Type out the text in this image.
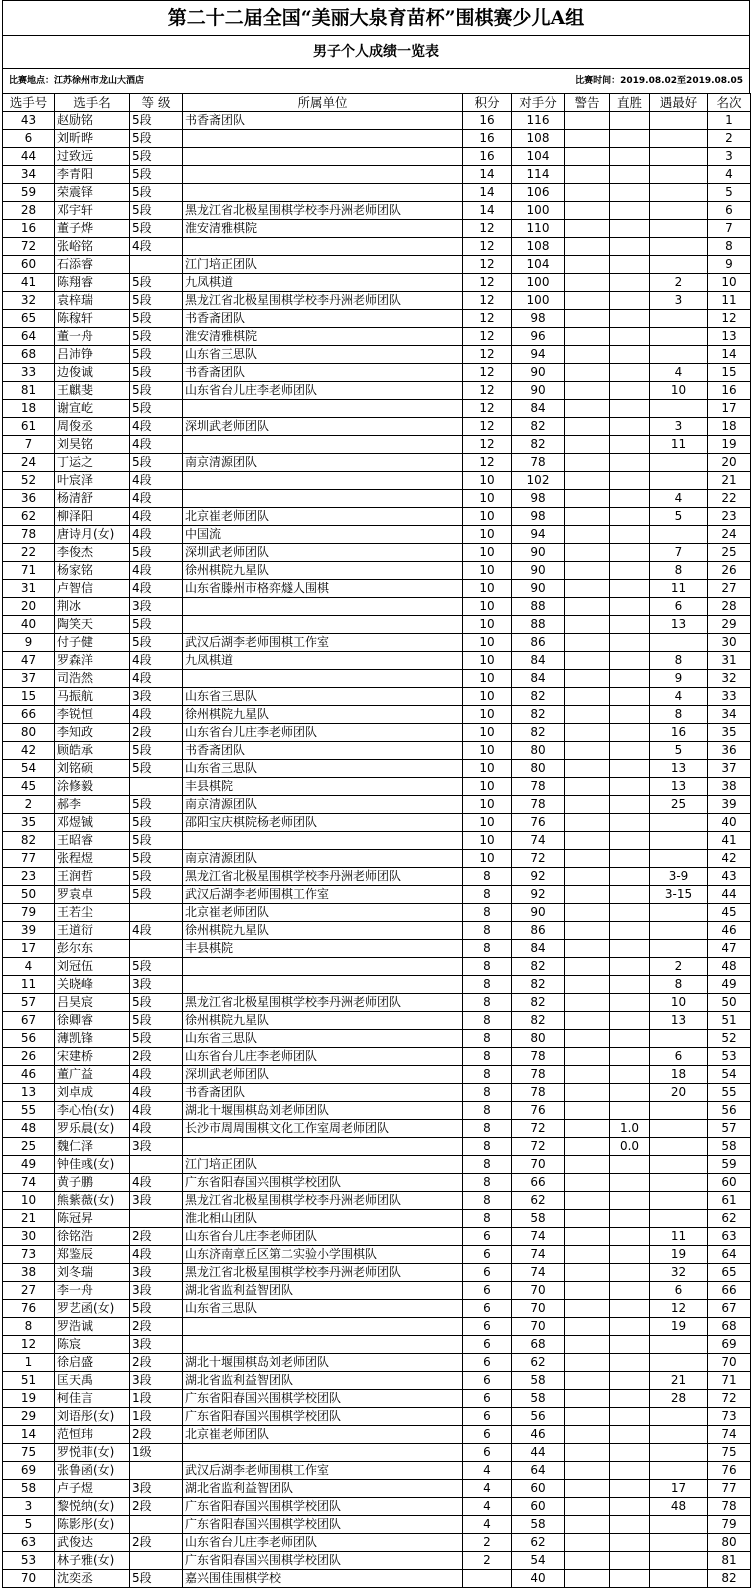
第二十二届全国“美丽大泉育苗杯”围棋赛少儿A组
男子个人成绩一览表
比赛地点：江苏徐州市龙山大酒店	比赛时间：2019.08.02至2019.08.05
选手号	选手名	等 级	所属单位	积分	对手分	警告	直胜	遇最好	名次
43	赵励铭	5段	书香斋团队	16	116				1
6	刘昕晔	5段		16	108				2
44	过致远	5段		16	104				3
34	李青阳	5段		14	114				4
59	荣震铎	5段		14	106				5
28	邓宇轩	5段	黑龙江省北极星围棋学校李丹洲老师团队	14	100				6
16	董子烨	5段	淮安清雅棋院	12	110				7
72	张峪铭	4段		12	108				8
60	石添睿		江门培正团队	12	104				9
41	陈翔睿	5段	九凤棋道	12	100			2	10
32	袁梓瑞	5段	黑龙江省北极星围棋学校李丹洲老师团队	12	100			3	11
65	陈稼轩	5段	书香斋团队	12	98				12
64	董一舟	5段	淮安清雅棋院	12	96				13
68	吕沛铮	5段	山东省三思队	12	94				14
33	边俊诚	5段	书香斋团队	12	90			4	15
81	王麒斐	5段	山东省台儿庄李老师团队	12	90			10	16
18	谢宣屹	5段		12	84				17
61	周俊丞	4段	深圳武老师团队	12	82			3	18
7	刘昊铭	4段		12	82			11	19
24	丁运之	5段	南京清源团队	12	78				20
52	叶宸泽	4段		10	102				21
36	杨清舒	4段		10	98			4	22
62	柳泽阳	4段	北京崔老师团队	10	98			5	23
78	唐诗月(女)	4段	中国流	10	94				24
22	李俊杰	5段	深圳武老师团队	10	90			7	25
71	杨家铭	4段	徐州棋院九星队	10	90			8	26
31	卢智信	4段	山东省滕州市格弈燧人围棋	10	90			11	27
20	荆冰	3段		10	88			6	28
40	陶笑天	5段		10	88			13	29
9	付子健	5段	武汉后湖李老师围棋工作室	10	86				30
47	罗森洋	4段	九凤棋道	10	84			8	31
37	司浩然	4段		10	84			9	32
15	马振航	3段	山东省三思队	10	82			4	33
66	李锐恒	4段	徐州棋院九星队	10	82			8	34
80	李知政	2段	山东省台儿庄李老师团队	10	82			16	35
42	顾皓承	5段	书香斋团队	10	80			5	36
54	刘铭硕	5段	山东省三思队	10	80			13	37
45	涂修毅		丰县棋院	10	78			13	38
2	郝李	5段	南京清源团队	10	78			25	39
35	邓煜铖	5段	邵阳宝庆棋院杨老师团队	10	76				40
82	王昭睿	5段		10	74				41
77	张程煜	5段	南京清源团队	10	72				42
23	王润哲	5段	黑龙江省北极星围棋学校李丹洲老师团队	8	92			3-9	43
50	罗袁卓	5段	武汉后湖李老师围棋工作室	8	92			3-15	44
79	王若尘		北京崔老师团队	8	90				45
39	王道衍	4段	徐州棋院九星队	8	86				46
17	彭尔东		丰县棋院	8	84				47
4	刘冠伍	5段		8	82			2	48
11	关晓峰	3段		8	82			8	49
57	吕昊宸	5段	黑龙江省北极星围棋学校李丹洲老师团队	8	82			10	50
67	徐卿睿	5段	徐州棋院九星队	8	82			13	51
56	薄凯锋	5段	山东省三思队	8	80				52
26	宋建桥	2段	山东省台儿庄李老师团队	8	78			6	53
46	董广益	4段	深圳武老师团队	8	78			18	54
13	刘卓成	4段	书香斋团队	8	78			20	55
55	李心怡(女)	4段	湖北十堰围棋岛刘老师团队	8	76				56
48	罗乐晨(女)	4段	长沙市周周围棋文化工作室周老师团队	8	72		1.0		57
25	魏仁泽	3段		8	72		0.0		58
49	钟佳彧(女)		江门培正团队	8	70				59
74	黄子鹏	4段	广东省阳春国兴围棋学校团队	8	66				60
10	熊紫薇(女)	3段	黑龙江省北极星围棋学校李丹洲老师团队	8	62				61
21	陈冠昇		淮北相山团队	8	58				62
30	徐铭浩	2段	山东省台儿庄李老师团队	6	74			11	63
73	郑鉴辰	4段	山东济南章丘区第二实验小学围棋队	6	74			19	64
38	刘冬瑞	3段	黑龙江省北极星围棋学校李丹洲老师团队	6	74			32	65
27	李一舟	3段	湖北省监利益智团队	6	70			6	66
76	罗艺函(女)	5段	山东省三思队	6	70			12	67
8	罗浩诚	2段		6	70			19	68
12	陈宸	3段		6	68				69
1	徐启盛	2段	湖北十堰围棋岛刘老师团队	6	62				70
51	匡天禹	3段	湖北省监利益智团队	6	58			21	71
19	柯佳言	1段	广东省阳春国兴围棋学校团队	6	58			28	72
29	刘语彤(女)	1段	广东省阳春国兴围棋学校团队	6	56				73
14	范恒玮	2段	北京崔老师团队	6	46				74
75	罗悦菲(女)	1级		6	44				75
69	张鲁函(女)		武汉后湖李老师围棋工作室	4	64				76
58	卢子煜	3段	湖北省监利益智团队	4	60			17	77
3	黎悦纳(女)	2段	广东省阳春国兴围棋学校团队	4	60			48	78
5	陈影彤(女)		广东省阳春国兴围棋学校团队	4	58				79
63	武俊达	2段	山东省台儿庄李老师团队	2	62				80
53	林子雅(女)		广东省阳春国兴围棋学校团队	2	54				81
70	沈奕丞	5段	嘉兴围佳围棋学校		40				82
